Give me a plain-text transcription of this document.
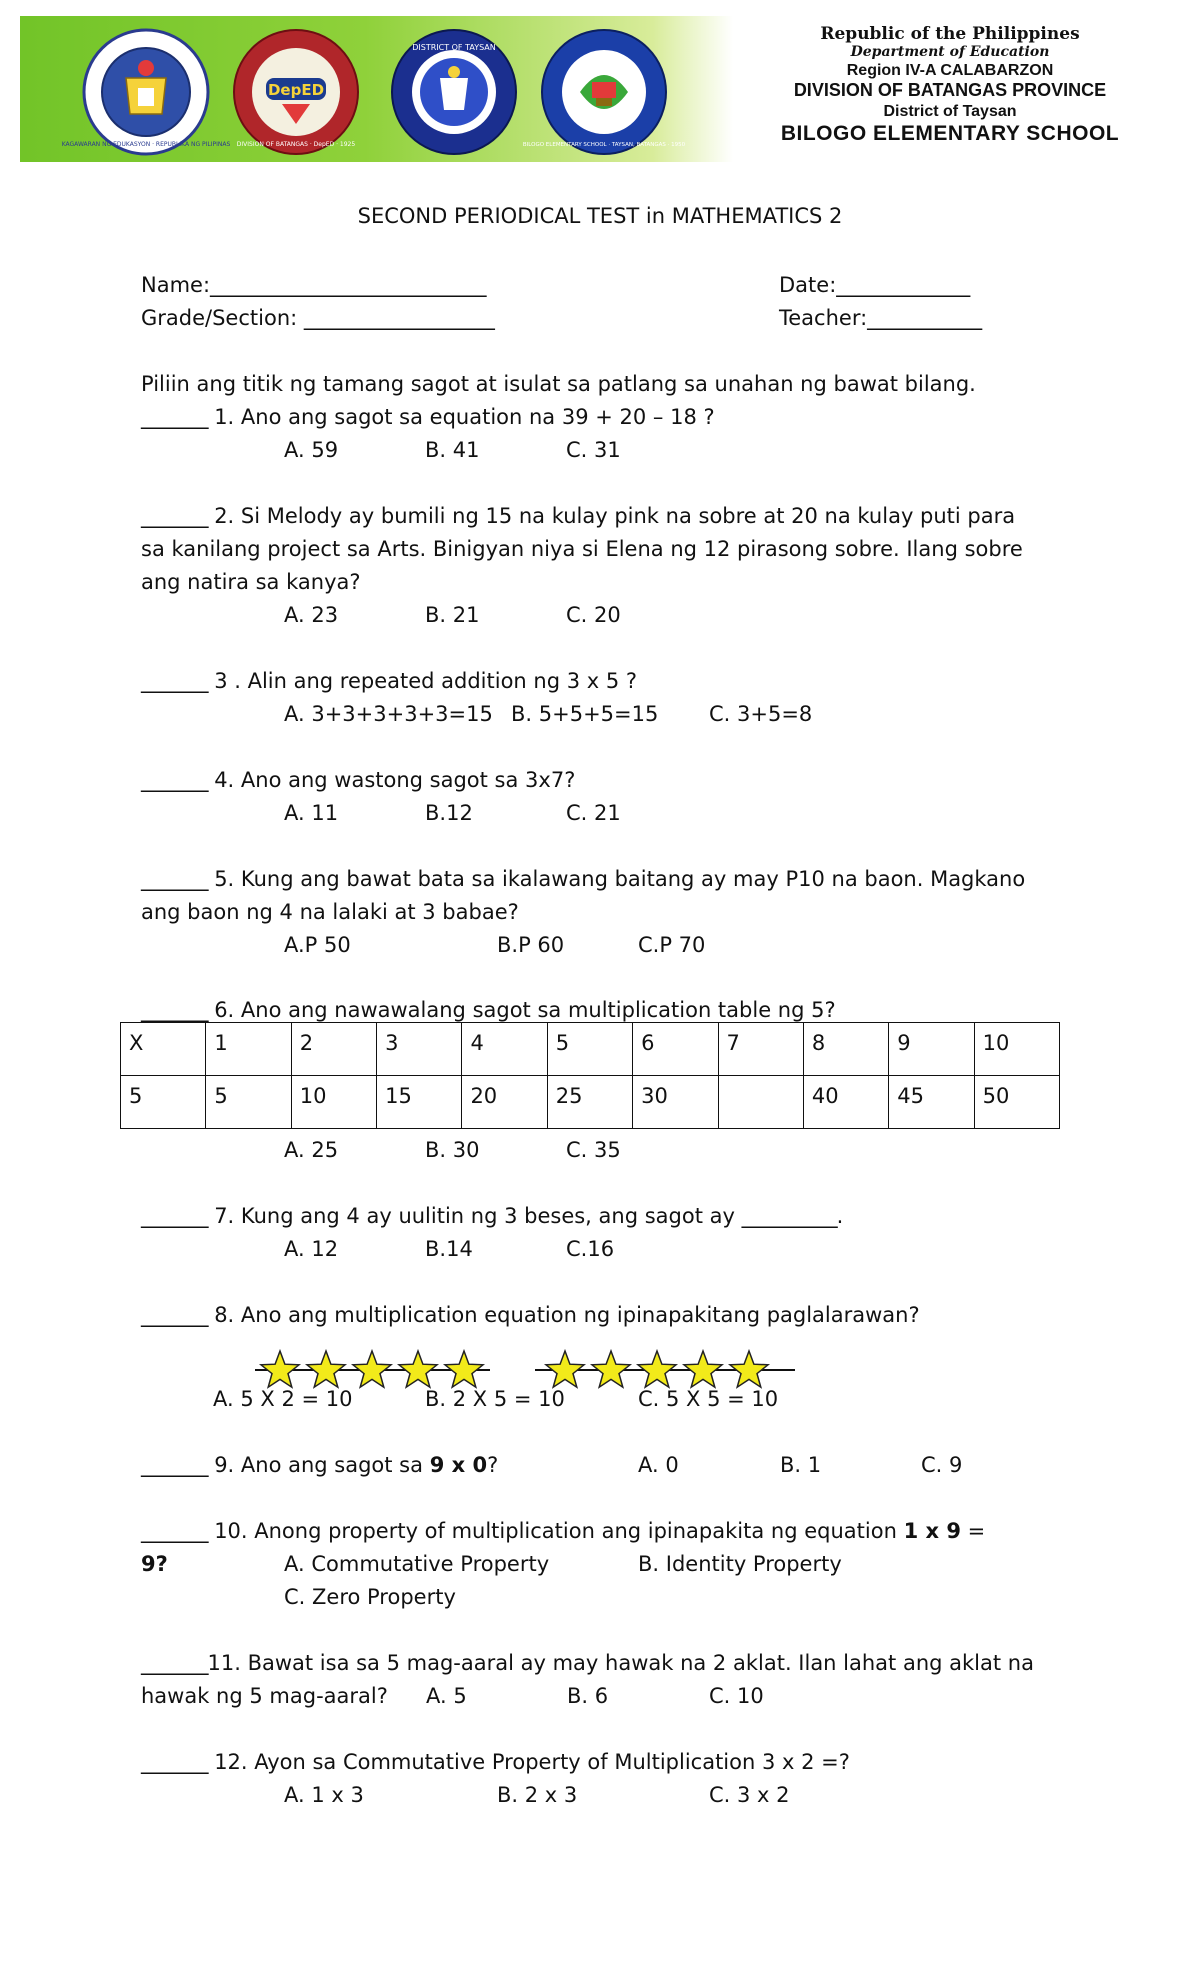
KAGAWARAN NG EDUKASYON · REPUBLIKA NG PILIPINAS
DepED
DIVISION OF BATANGAS · DepED · 1925
DISTRICT OF TAYSAN
BILOGO ELEMENTARY SCHOOL · TAYSAN, BATANGAS · 1950
Republic of the Philippines
Department of Education
Region IV-A CALABARZON
DIVISION OF BATANGAS PROVINCE
District of Taysan
BILOGO ELEMENTARY SCHOOL
SECOND PERIODICAL TEST in MATHEMATICS 2
Name:_____________________________	Date:______________
Grade/Section: ____________________	Teacher:____________
Piliin ang titik ng tamang sagot at isulat sa patlang sa unahan ng bawat bilang.
_______ 1. Ano ang sagot sa equation na 39 + 20 – 18 ?
A. 59	B. 41	C. 31
_______ 2. Si Melody ay bumili ng 15 na kulay pink na sobre at 20 na kulay puti para
sa kanilang project sa Arts. Binigyan niya si Elena ng 12 pirasong sobre. Ilang sobre
ang natira sa kanya?
A. 23	B. 21	C. 20
_______ 3 . Alin ang repeated addition ng 3 x 5 ?
A. 3+3+3+3+3=15 B. 5+5+5=15 C. 3+5=8
_______ 4. Ano ang wastong sagot sa 3x7?
A. 11	B.12	C. 21
_______ 5. Kung ang bawat bata sa ikalawang baitang ay may P10 na baon. Magkano
ang baon ng 4 na lalaki at 3 babae?
A.P 50	B.P 60	C.P 70
_______ 6. Ano ang nawawalang sagot sa multiplication table ng 5?
X	1	2	3	4	5	6	7	8	9	10
5	5	10	15	20	25	30		40	45	50
A. 25	B. 30	C. 35
_______ 7. Kung ang 4 ay uulitin ng 3 beses, ang sagot ay __________.
A. 12	B.14	C.16
_______ 8. Ano ang multiplication equation ng ipinapakitang paglalarawan?
A. 5 X 2 = 10	B. 2 X 5 = 10	C. 5 X 5 = 10
_______ 9. Ano ang sagot sa 9 x 0?	A. 0	B. 1	C. 9
_______ 10. Anong property of multiplication ang ipinapakita ng equation 1 x 9 =
9?	A. Commutative Property	B. Identity Property
C. Zero Property
_______11. Bawat isa sa 5 mag-aaral ay may hawak na 2 aklat. Ilan lahat ang aklat na
hawak ng 5 mag-aaral? A. 5	B. 6	C. 10
_______ 12. Ayon sa Commutative Property of Multiplication 3 x 2 =?
A. 1 x 3	B. 2 x 3	C. 3 x 2
